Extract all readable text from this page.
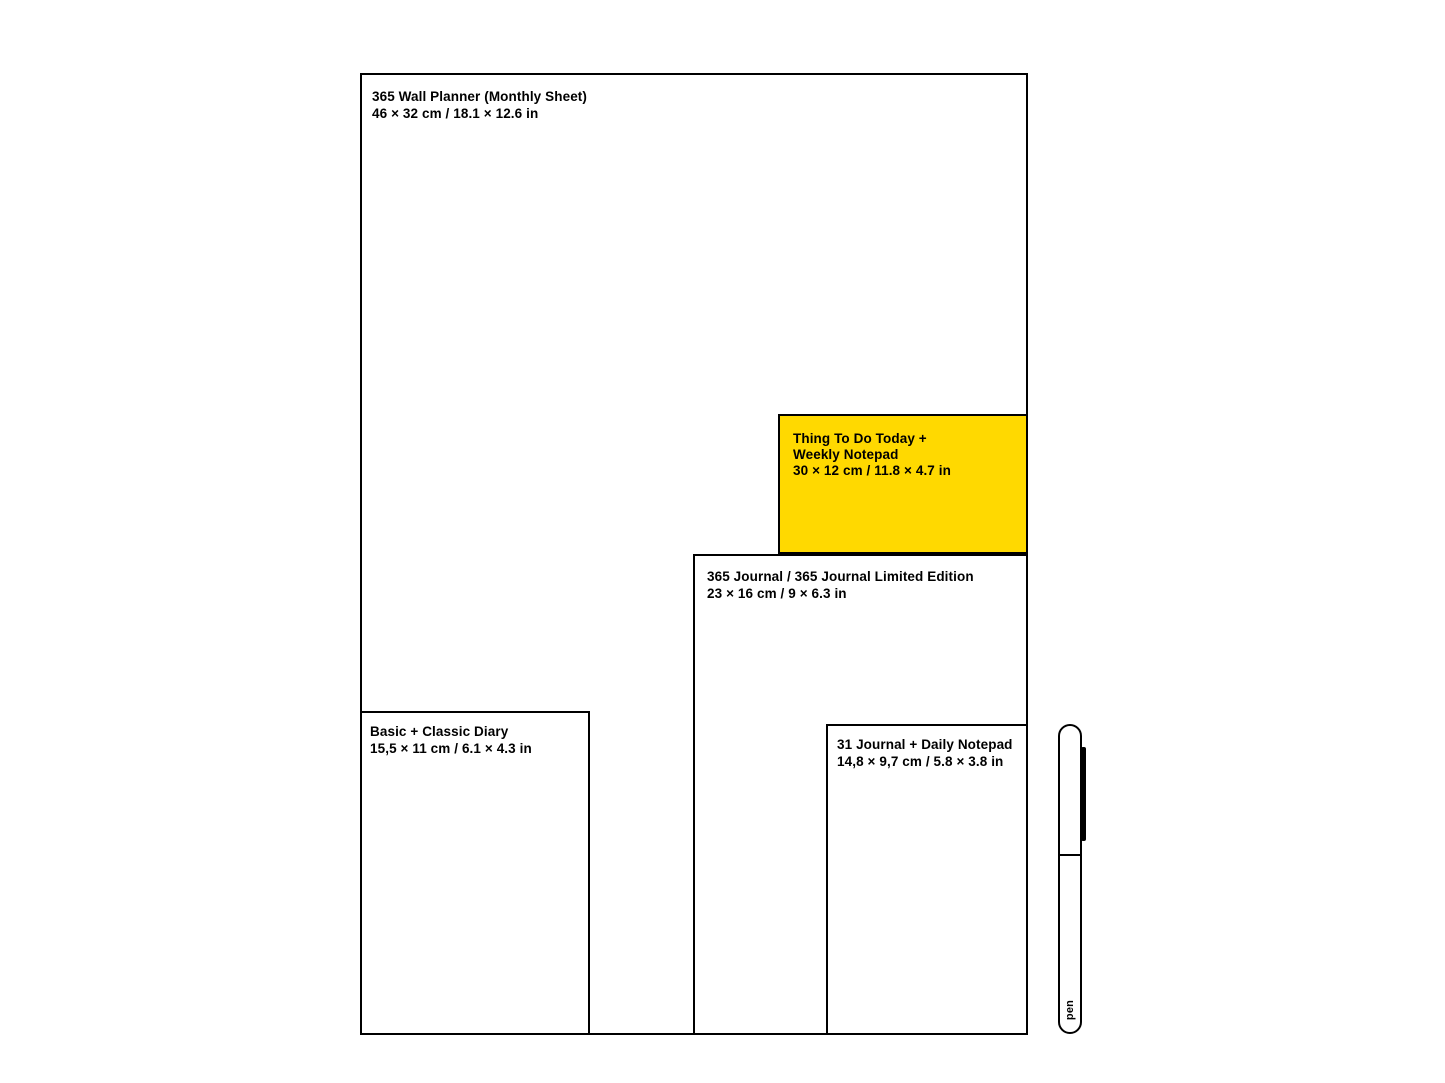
365 Wall Planner (Monthly Sheet)
46 × 32 cm / 18.1 × 12.6 in
365 Journal / 365 Journal Limited Edition
23 × 16 cm / 9 × 6.3 in
Thing To Do Today +
Weekly Notepad
30 × 12 cm / 11.8 × 4.7 in
Basic + Classic Diary
15,5 × 11 cm / 6.1 × 4.3 in	31 Journal + Daily Notepad
14,8 × 9,7 cm / 5.8 × 3.8 in
pen
